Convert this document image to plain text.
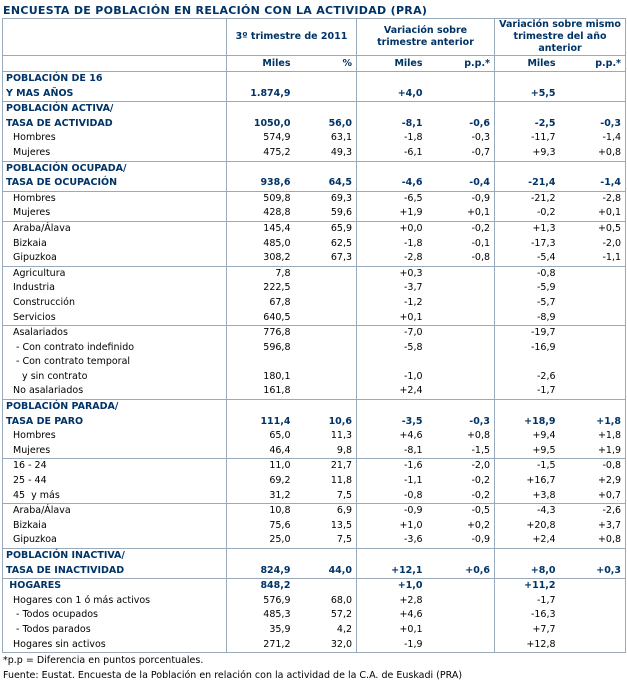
ENCUESTA DE POBLACIÓN EN RELACIÓN CON LA ACTIVIDAD (PRA)
	3º trimestre de 2011		Variación sobre trimestre anterior		Variación sobre mismo trimestre del año anterior	
	Miles	%	Miles	p.p.*	Miles	p.p.*
POBLACIÓN DE 16						
Y MAS AÑOS	1.874,9		+4,0		+5,5	
POBLACIÓN ACTIVA/						
TASA DE ACTIVIDAD	1050,0	56,0	-8,1	-0,6	-2,5	-0,3
Hombres	574,9	63,1	-1,8	-0,3	-11,7	-1,4
Mujeres	475,2	49,3	-6,1	-0,7	+9,3	+0,8
POBLACIÓN OCUPADA/						
TASA DE OCUPACIÓN	938,6	64,5	-4,6	-0,4	-21,4	-1,4
Hombres	509,8	69,3	-6,5	-0,9	-21,2	-2,8
Mujeres	428,8	59,6	+1,9	+0,1	-0,2	+0,1
Araba/Álava	145,4	65,9	+0,0	-0,2	+1,3	+0,5
Bizkaia	485,0	62,5	-1,8	-0,1	-17,3	-2,0
Gipuzkoa	308,2	67,3	-2,8	-0,8	-5,4	-1,1
Agricultura	7,8		+0,3		-0,8	
Industria	222,5		-3,7		-5,9	
Construcción	67,8		-1,2		-5,7	
Servicios	640,5		+0,1		-8,9	
Asalariados	776,8		-7,0		-19,7	
- Con contrato indefinido	596,8		-5,8		-16,9	
- Con contrato temporal						
y sin contrato	180,1		-1,0		-2,6	
No asalariados	161,8		+2,4		-1,7	
POBLACIÓN PARADA/						
TASA DE PARO	111,4	10,6	-3,5	-0,3	+18,9	+1,8
Hombres	65,0	11,3	+4,6	+0,8	+9,4	+1,8
Mujeres	46,4	9,8	-8,1	-1,5	+9,5	+1,9
16 - 24	11,0	21,7	-1,6	-2,0	-1,5	-0,8
25 - 44	69,2	11,8	-1,1	-0,2	+16,7	+2,9
45  y más	31,2	7,5	-0,8	-0,2	+3,8	+0,7
Araba/Álava	10,8	6,9	-0,9	-0,5	-4,3	-2,6
Bizkaia	75,6	13,5	+1,0	+0,2	+20,8	+3,7
Gipuzkoa	25,0	7,5	-3,6	-0,9	+2,4	+0,8
POBLACIÓN INACTIVA/						
TASA DE INACTIVIDAD	824,9	44,0	+12,1	+0,6	+8,0	+0,3
HOGARES	848,2		+1,0		+11,2	
Hogares con 1 ó más activos	576,9	68,0	+2,8		-1,7	
- Todos ocupados	485,3	57,2	+4,6		-16,3	
- Todos parados	35,9	4,2	+0,1		+7,7	
Hogares sin activos	271,2	32,0	-1,9		+12,8	
*p.p = Diferencia en puntos porcentuales.
Fuente: Eustat. Encuesta de la Población en relación con la actividad de la C.A. de Euskadi (PRA)
